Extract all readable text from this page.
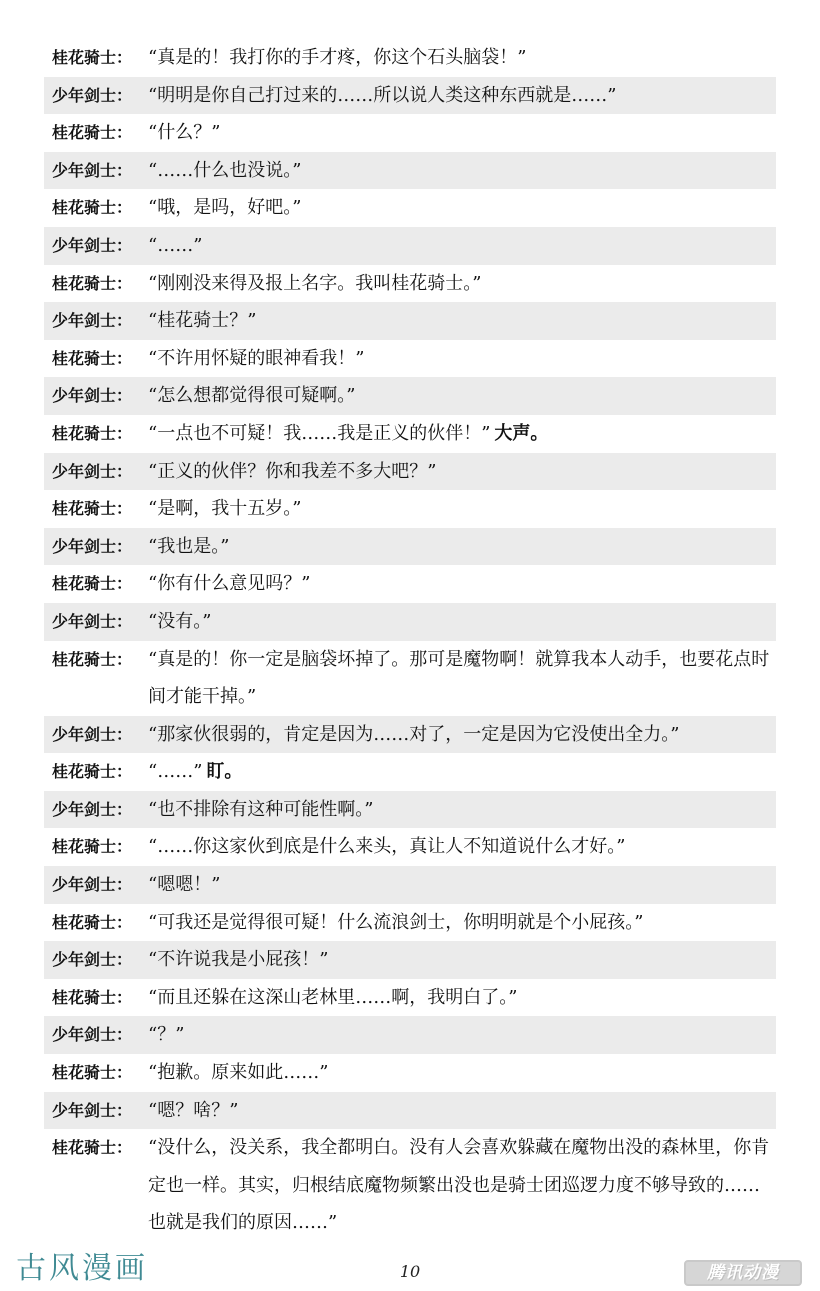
桂花骑士： “真是的！我打你的手才疼，你这个石头脑袋！”
少年剑士： “明明是你自己打过来的……所以说人类这种东西就是……”
桂花骑士： “什么？”
少年剑士： “……什么也没说。”
桂花骑士： “哦，是吗，好吧。”
少年剑士： “……”
桂花骑士： “刚刚没来得及报上名字。我叫桂花骑士。”
少年剑士： “桂花骑士？”
桂花骑士： “不许用怀疑的眼神看我！”
少年剑士： “怎么想都觉得很可疑啊。”
桂花骑士： “一点也不可疑！我……我是正义的伙伴！” 大声。
少年剑士： “正义的伙伴？你和我差不多大吧？”
桂花骑士： “是啊，我十五岁。”
少年剑士： “我也是。”
桂花骑士： “你有什么意见吗？”
少年剑士： “没有。”
桂花骑士： “真是的！你一定是脑袋坏掉了。那可是魔物啊！就算我本人动手，也要花点时间才能干掉。”
少年剑士： “那家伙很弱的，肯定是因为……对了，一定是因为它没使出全力。”
桂花骑士： “……” 盯。
少年剑士： “也不排除有这种可能性啊。”
桂花骑士： “……你这家伙到底是什么来头，真让人不知道说什么才好。”
少年剑士： “嗯嗯！”
桂花骑士： “可我还是觉得很可疑！什么流浪剑士，你明明就是个小屁孩。”
少年剑士： “不许说我是小屁孩！”
桂花骑士： “而且还躲在这深山老林里……啊，我明白了。”
少年剑士： “？”
桂花骑士： “抱歉。原来如此……”
少年剑士： “嗯？啥？”
桂花骑士： “没什么，没关系，我全都明白。没有人会喜欢躲藏在魔物出没的森林里，你肯定也一样。其实，归根结底魔物频繁出没也是骑士团巡逻力度不够导致的……也就是我们的原因……”
古风漫画	10	腾讯动漫
